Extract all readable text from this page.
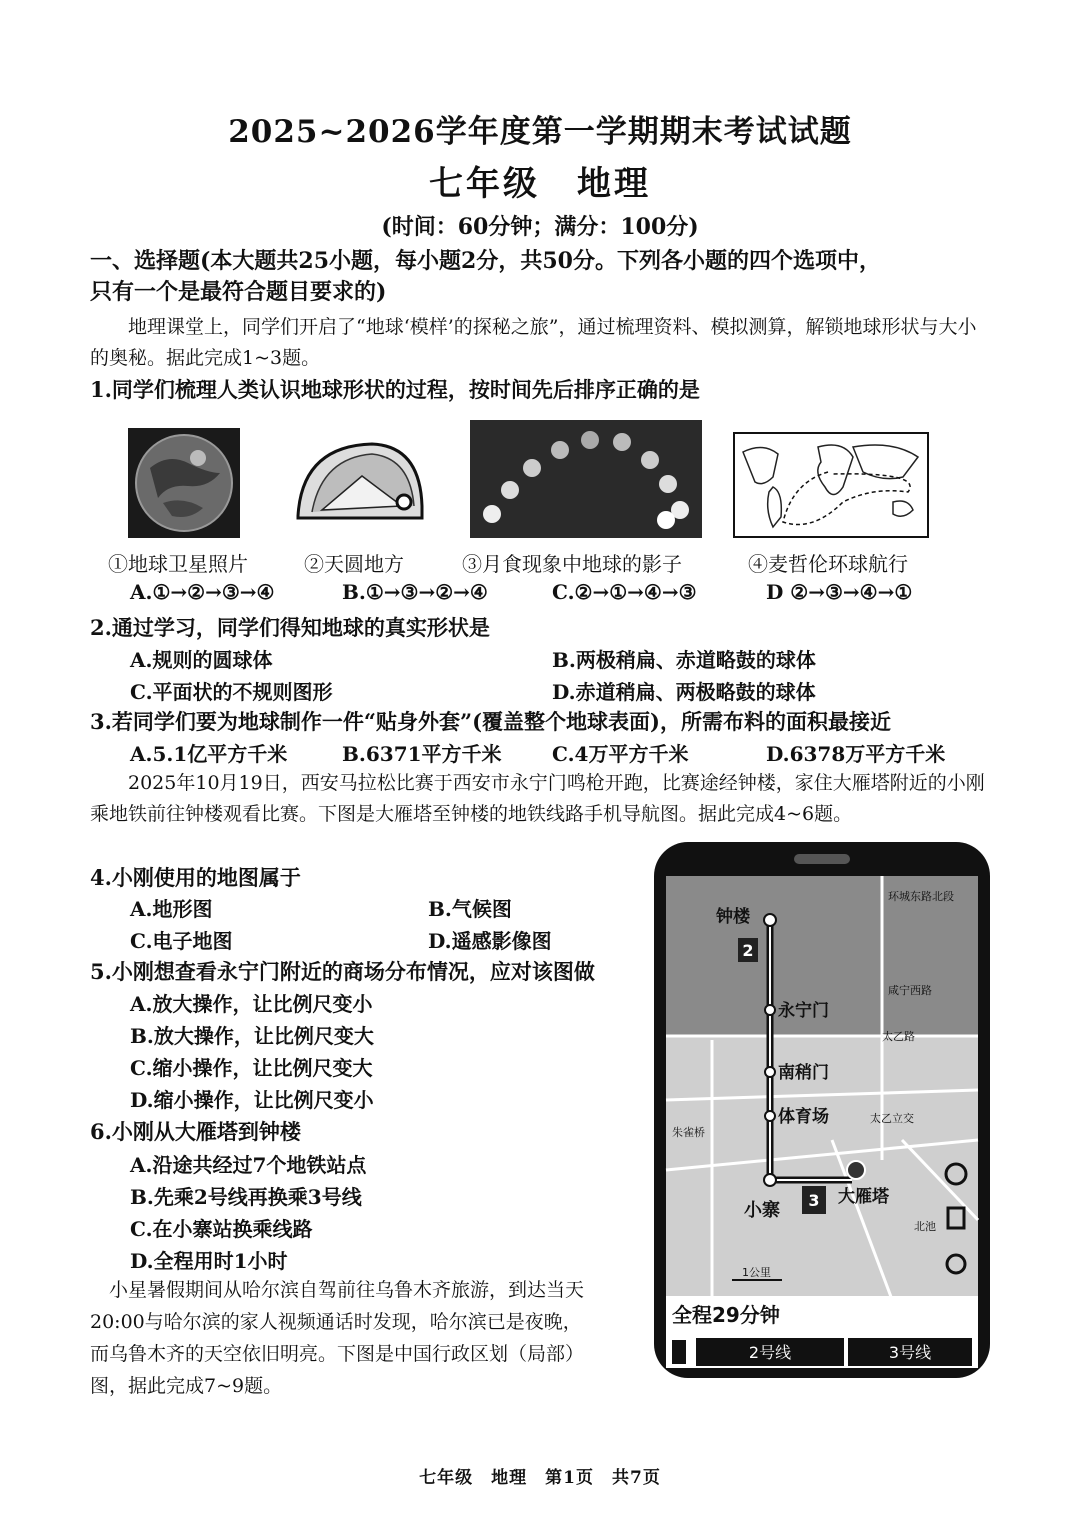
2025~2026学年度第一学期期末考试试题
七年级　地理
(时间：60分钟；满分：100分)
一、选择题(本大题共25小题，每小题2分，共50分。下列各小题的四个选项中，
只有一个是最符合题目要求的)
地理课堂上，同学们开启了“地球‘模样’的探秘之旅”，通过梳理资料、模拟测算，解锁地球形状与大小的奥秘。据此完成1~3题。
1.同学们梳理人类认识地球形状的过程，按时间先后排序正确的是
①地球卫星照片	②天圆地方	③月食现象中地球的影子	④麦哲伦环球航行
A.①→②→③→④	B.①→③→②→④	C.②→①→④→③	D ②→③→④→①
2.通过学习，同学们得知地球的真实形状是
A.规则的圆球体	B.两极稍扁、赤道略鼓的球体
C.平面状的不规则图形	D.赤道稍扁、两极略鼓的球体
3.若同学们要为地球制作一件“贴身外套”(覆盖整个地球表面)，所需布料的面积最接近
A.5.1亿平方千米	B.6371平方千米	C.4万平方千米	D.6378万平方千米
2025年10月19日，西安马拉松比赛于西安市永宁门鸣枪开跑，比赛途经钟楼，家住大雁塔附近的小刚乘地铁前往钟楼观看比赛。下图是大雁塔至钟楼的地铁线路手机导航图。据此完成4~6题。
4.小刚使用的地图属于
A.地形图	B.气候图
C.电子地图	D.遥感影像图
5.小刚想查看永宁门附近的商场分布情况，应对该图做
A.放大操作，让比例尺变小
B.放大操作，让比例尺变大
C.缩小操作，让比例尺变大
D.缩小操作，让比例尺变小
6.小刚从大雁塔到钟楼
A.沿途共经过7个地铁站点
B.先乘2号线再换乘3号线
C.在小寨站换乘线路
D.全程用时1小时
小星暑假期间从哈尔滨自驾前往乌鲁木齐旅游，到达当天
20:00与哈尔滨的家人视频通话时发现，哈尔滨已是夜晚，
而乌鲁木齐的天空依旧明亮。下图是中国行政区划（局部）
图，据此完成7~9题。
2
3
钟楼
永宁门
南稍门
体育场
小寨
大雁塔
环城东路北段
咸宁西路
太乙路
太乙立交
朱雀桥
北池
1公里
全程29分钟
2号线	3号线
七年级　地理　第1页　共7页
